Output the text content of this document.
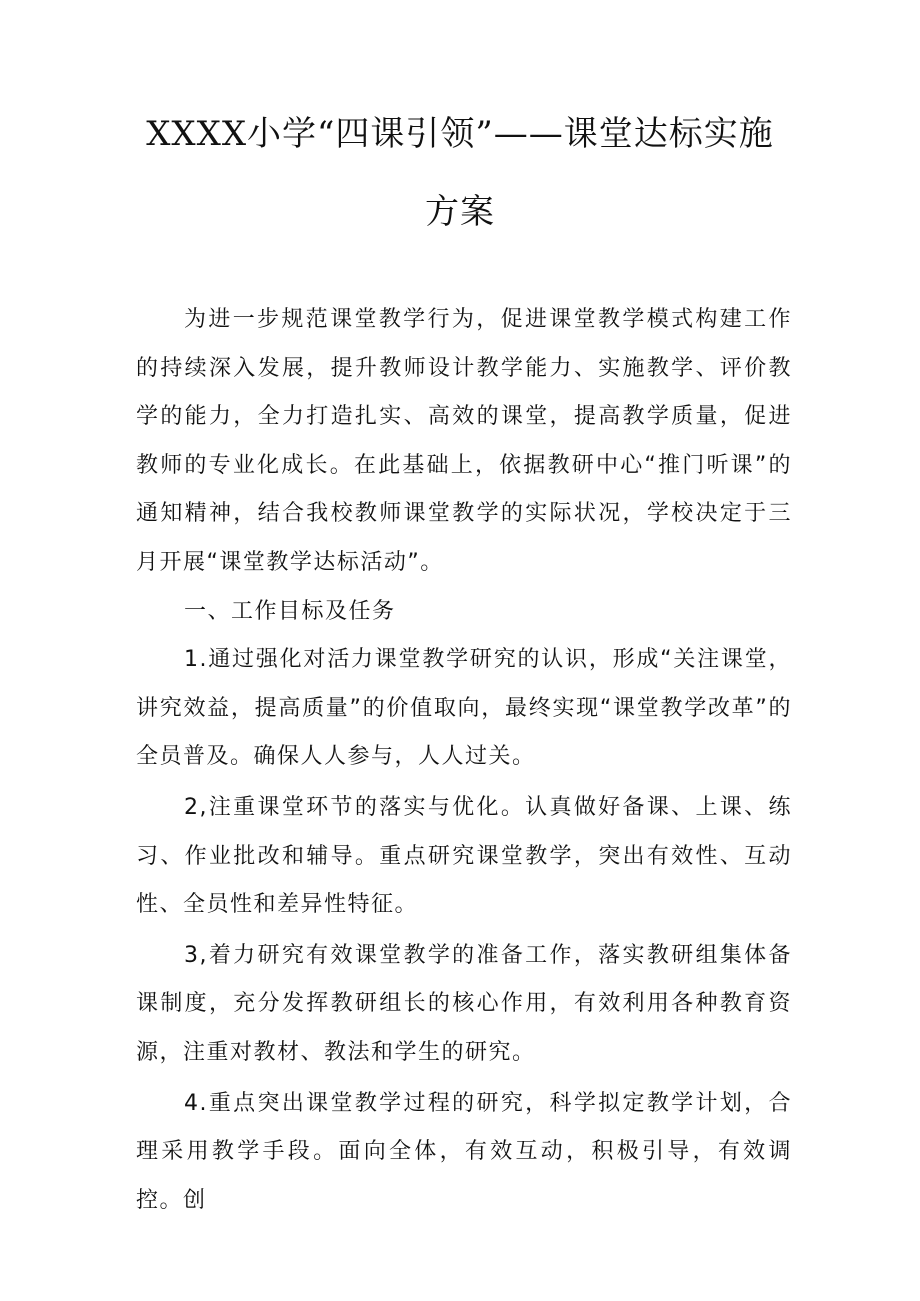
XXXX小学“四课引领”——课堂达标实施
方案

为进一步规范课堂教学行为，促进课堂教学模式构建工作的持续深入发展，提升教师设计教学能力、实施教学、评价教学的能力，全力打造扎实、高效的课堂，提高教学质量，促进教师的专业化成长。在此基础上，依据教研中心“推门听课”的通知精神，结合我校教师课堂教学的实际状况，学校决定于三月开展“课堂教学达标活动”。

一、工作目标及任务

1.通过强化对活力课堂教学研究的认识，形成“关注课堂，讲究效益，提高质量”的价值取向，最终实现“课堂教学改革”的全员普及。确保人人参与，人人过关。

2,注重课堂环节的落实与优化。认真做好备课、上课、练习、作业批改和辅导。重点研究课堂教学，突出有效性、互动性、全员性和差异性特征。

3,着力研究有效课堂教学的准备工作，落实教研组集体备课制度，充分发挥教研组长的核心作用，有效利用各种教育资源，注重对教材、教法和学生的研究。

4.重点突出课堂教学过程的研究，科学拟定教学计划，合理采用教学手段。面向全体，有效互动，积极引导，有效调控。创
